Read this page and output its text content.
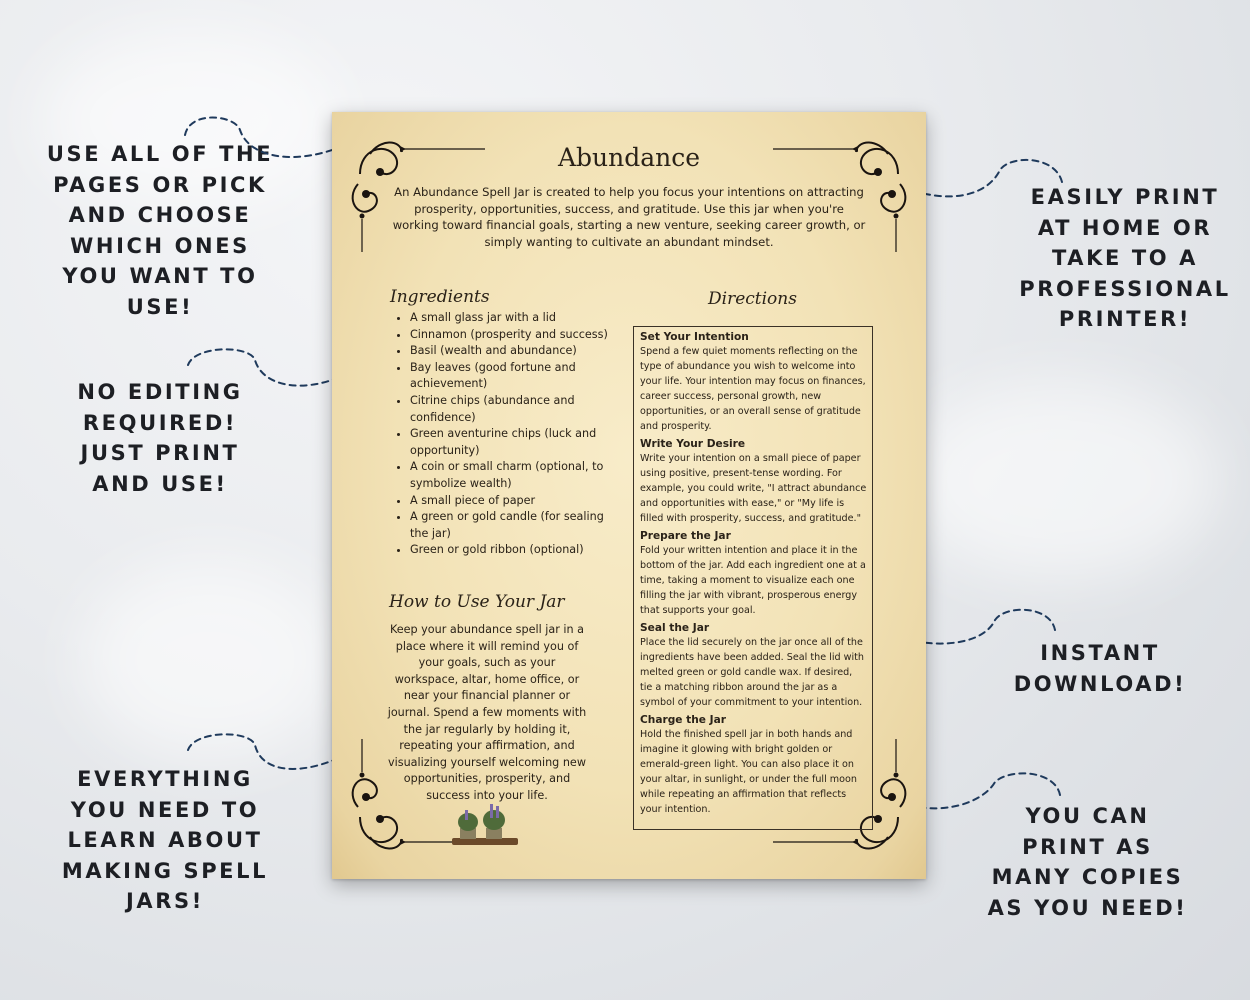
USE ALL OF THE
PAGES OR PICK
AND CHOOSE
WHICH ONES
YOU WANT TO
USE!

NO EDITING
REQUIRED!
JUST PRINT
AND USE!

EVERYTHING
YOU NEED TO
LEARN ABOUT
MAKING SPELL
JARS!

EASILY PRINT
AT HOME OR
TAKE TO A
PROFESSIONAL
PRINTER!

INSTANT
DOWNLOAD!

YOU CAN
PRINT AS
MANY COPIES
AS YOU NEED!

Abundance

An Abundance Spell Jar is created to help you focus your intentions on attracting prosperity, opportunities, success, and gratitude. Use this jar when you're working toward financial goals, starting a new venture, seeking career growth, or simply wanting to cultivate an abundant mindset.

Ingredients
• A small glass jar with a lid
• Cinnamon (prosperity and success)
• Basil (wealth and abundance)
• Bay leaves (good fortune and achievement)
• Citrine chips (abundance and confidence)
• Green aventurine chips (luck and opportunity)
• A coin or small charm (optional, to symbolize wealth)
• A small piece of paper
• A green or gold candle (for sealing the jar)
• Green or gold ribbon (optional)
How to Use Your Jar

Keep your abundance spell jar in a place where it will remind you of your goals, such as your workspace, altar, home office, or near your financial planner or journal. Spend a few moments with the jar regularly by holding it, repeating your affirmation, and visualizing yourself welcoming new opportunities, prosperity, and success into your life.

Directions

Set Your Intention

Spend a few quiet moments reflecting on the type of abundance you wish to welcome into your life. Your intention may focus on finances, career success, personal growth, new opportunities, or an overall sense of gratitude and prosperity.

Write Your Desire

Write your intention on a small piece of paper using positive, present-tense wording. For example, you could write, "I attract abundance and opportunities with ease," or "My life is filled with prosperity, success, and gratitude."

Prepare the Jar

Fold your written intention and place it in the bottom of the jar. Add each ingredient one at a time, taking a moment to visualize each one filling the jar with vibrant, prosperous energy that supports your goal.

Seal the Jar

Place the lid securely on the jar once all of the ingredients have been added. Seal the lid with melted green or gold candle wax. If desired, tie a matching ribbon around the jar as a symbol of your commitment to your intention.

Charge the Jar

Hold the finished spell jar in both hands and imagine it glowing with bright golden or emerald-green light. You can also place it on your altar, in sunlight, or under the full moon while repeating an affirmation that reflects your intention.
